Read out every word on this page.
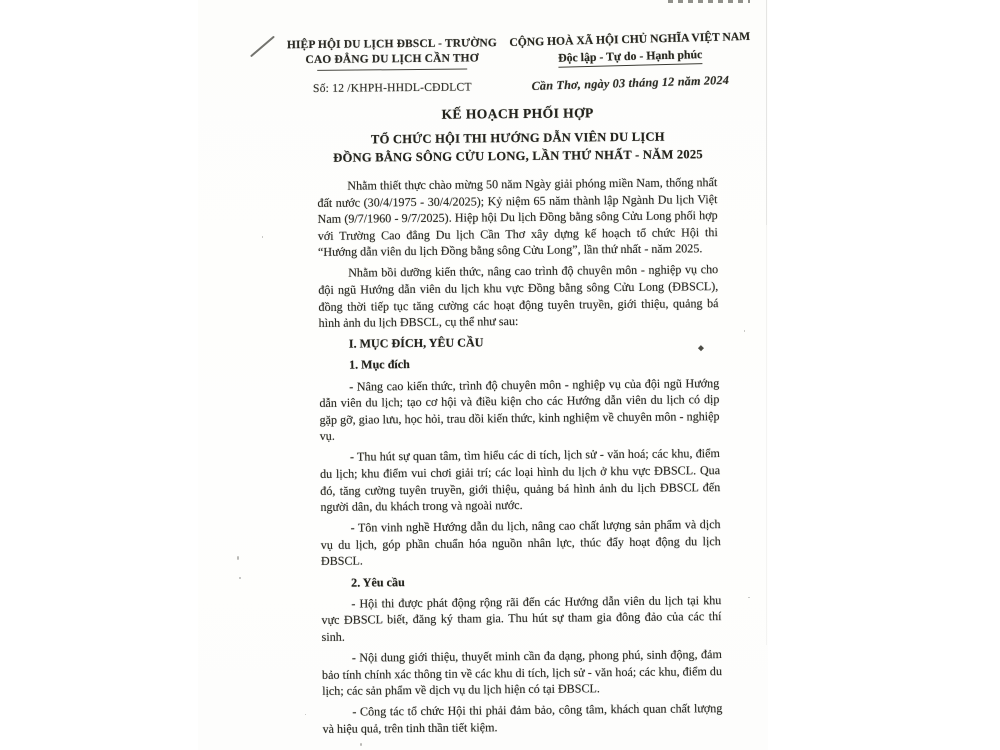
HIỆP HỘI DU LỊCH ĐBSCL - TRƯỜNG
CAO ĐẲNG DU LỊCH CẦN THƠ
Số: 12 /KHPH-HHDL-CĐDLCT
CỘNG HOÀ XÃ HỘI CHỦ NGHĨA VIỆT NAM
Độc lập - Tự do - Hạnh phúc
Cần Thơ, ngày 03 tháng 12 năm 2024
KẾ HOẠCH PHỐI HỢP
TỔ CHỨC HỘI THI HƯỚNG DẪN VIÊN DU LỊCH
ĐỒNG BẰNG SÔNG CỬU LONG, LẦN THỨ NHẤT - NĂM 2025

Nhằm thiết thực chào mừng 50 năm Ngày giải phóng miền Nam, thống nhất đất nước (30/4/1975 - 30/4/2025); Kỷ niệm 65 năm thành lập Ngành Du lịch Việt Nam (9/7/1960 - 9/7/2025). Hiệp hội Du lịch Đồng bằng sông Cửu Long phối hợp với Trường Cao đẳng Du lịch Cần Thơ xây dựng kế hoạch tổ chức Hội thi “Hướng dẫn viên du lịch Đồng bằng sông Cửu Long”, lần thứ nhất - năm 2025.

Nhằm bồi dưỡng kiến thức, nâng cao trình độ chuyên môn - nghiệp vụ cho đội ngũ Hướng dẫn viên du lịch khu vực Đồng bằng sông Cửu Long (ĐBSCL), đồng thời tiếp tục tăng cường các hoạt động tuyên truyền, giới thiệu, quảng bá hình ảnh du lịch ĐBSCL, cụ thể như sau:

I. MỤC ĐÍCH, YÊU CẦU

1. Mục đích

- Nâng cao kiến thức, trình độ chuyên môn - nghiệp vụ của đội ngũ Hướng dẫn viên du lịch; tạo cơ hội và điều kiện cho các Hướng dẫn viên du lịch có dịp gặp gỡ, giao lưu, học hỏi, trau dồi kiến thức, kinh nghiệm về chuyên môn - nghiệp vụ.

- Thu hút sự quan tâm, tìm hiểu các di tích, lịch sử - văn hoá; các khu, điểm du lịch; khu điểm vui chơi giải trí; các loại hình du lịch ở khu vực ĐBSCL. Qua đó, tăng cường tuyên truyền, giới thiệu, quảng bá hình ảnh du lịch ĐBSCL đến người dân, du khách trong và ngoài nước.

- Tôn vinh nghề Hướng dẫn du lịch, nâng cao chất lượng sản phẩm và dịch vụ du lịch, góp phần chuẩn hóa nguồn nhân lực, thúc đẩy hoạt động du lịch ĐBSCL.

2. Yêu cầu

- Hội thi được phát động rộng rãi đến các Hướng dẫn viên du lịch tại khu vực ĐBSCL biết, đăng ký tham gia. Thu hút sự tham gia đông đảo của các thí sinh.

- Nội dung giới thiệu, thuyết minh cần đa dạng, phong phú, sinh động, đảm bảo tính chính xác thông tin về các khu di tích, lịch sử - văn hoá; các khu, điểm du lịch; các sản phẩm về dịch vụ du lịch hiện có tại ĐBSCL.

- Công tác tổ chức Hội thi phải đảm bảo, công tâm, khách quan chất lượng và hiệu quả, trên tinh thần tiết kiệm.

◆
